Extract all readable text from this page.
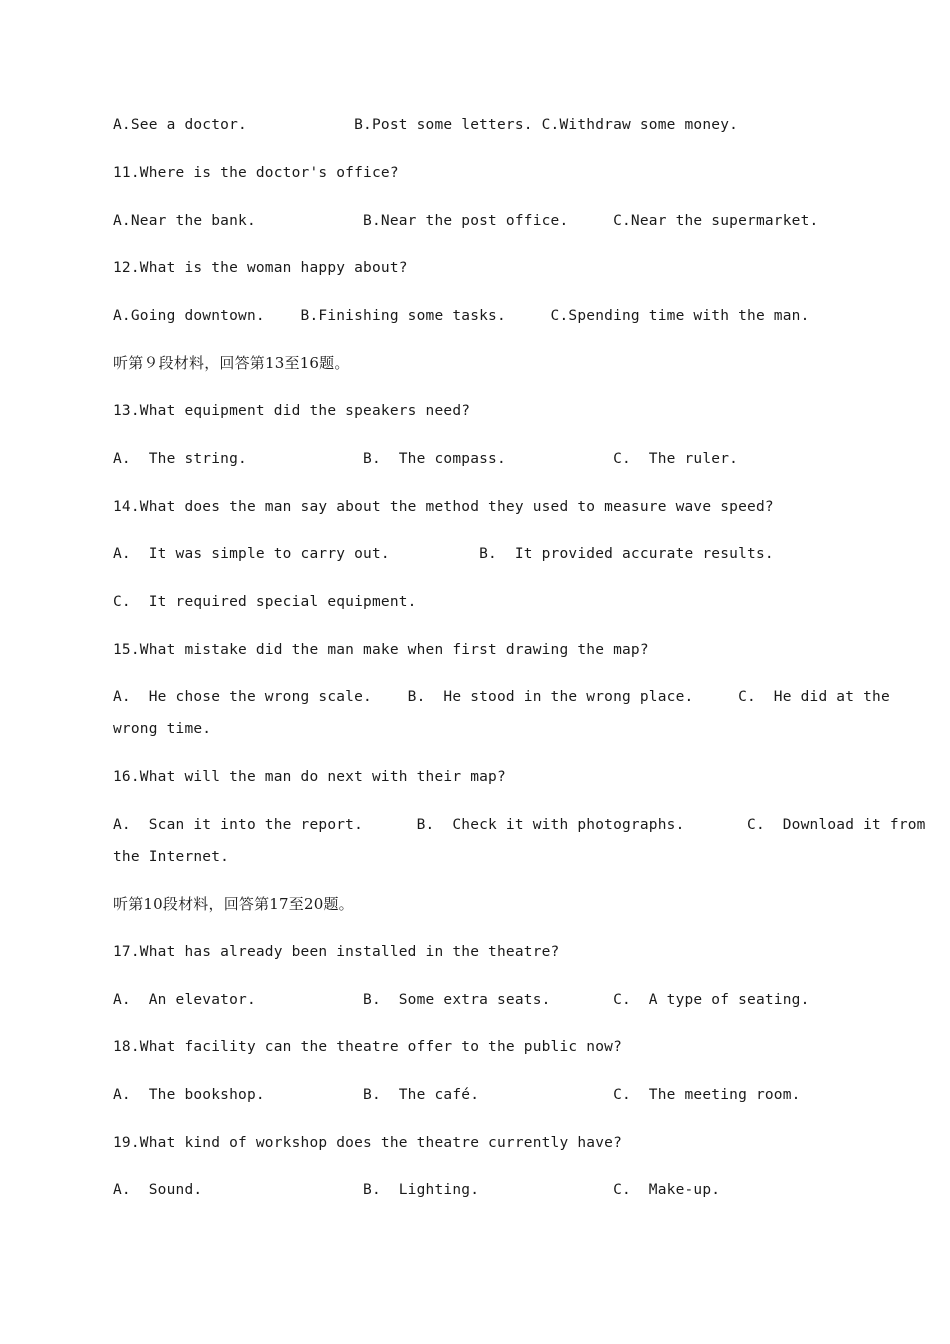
A.See a doctor.            B.Post some letters. C.Withdraw some money.
11.Where is the doctor's office?
A.Near the bank.            B.Near the post office.     C.Near the supermarket.
12.What is the woman happy about?
A.Going downtown.    B.Finishing some tasks.     C.Spending time with the man.
听第９段材料，回答第13至16题。
13.What equipment did the speakers need?
A.  The string.             B.  The compass.            C.  The ruler.
14.What does the man say about the method they used to measure wave speed?
A.  It was simple to carry out.          B.  It provided accurate results.
C.  It required special equipment.
15.What mistake did the man make when first drawing the map?
A.  He chose the wrong scale.    B.  He stood in the wrong place.     C.  He did at the
wrong time.
16.What will the man do next with their map?
A.  Scan it into the report.      B.  Check it with photographs.       C.  Download it from
the Internet.
听第10段材料，回答第17至20题。
17.What has already been installed in the theatre?
A.  An elevator.            B.  Some extra seats.       C.  A type of seating.
18.What facility can the theatre offer to the public now?
A.  The bookshop.           B.  The café.               C.  The meeting room.
19.What kind of workshop does the theatre currently have?
A.  Sound.                  B.  Lighting.               C.  Make-up.
